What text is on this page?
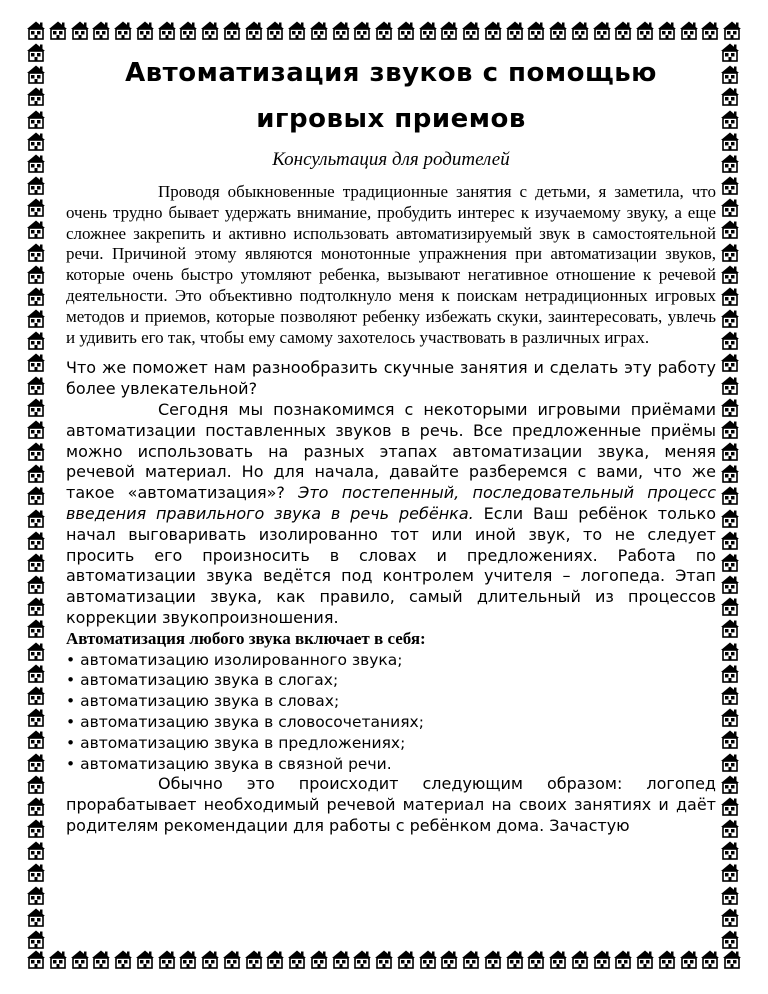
Автоматизация звуков с помощью
игровых приемов
Консультация для родителей

Проводя обыкновенные традиционные занятия с детьми, я заметила, что очень трудно бывает удержать внимание, пробудить интерес к изучаемому звуку, а еще сложнее закрепить и активно использовать автоматизируемый звук в самостоятельной речи. Причиной этому являются монотонные упражнения при автоматизации звуков, которые очень быстро утомляют ребенка, вызывают негативное отношение к речевой деятельности. Это объективно подтолкнуло меня к поискам нетрадиционных игровых методов и приемов, которые позволяют ребенку избежать скуки, заинтересовать, увлечь и удивить его так, чтобы ему самому захотелось участвовать в различных играх.

Что же поможет нам разнообразить скучные занятия и сделать эту работу более увлекательной?

Сегодня мы познакомимся с некоторыми игровыми приёмами автоматизации поставленных звуков в речь. Все предложенные приёмы можно использовать на разных этапах автоматизации звука, меняя речевой материал. Но для начала, давайте разберемся с вами, что же такое «автоматизация»? Это постепенный, последовательный процесс введения правильного звука в речь ребёнка. Если Ваш ребёнок только начал выговаривать изолированно тот или иной звук, то не следует просить его произносить в словах и предложениях. Работа по автоматизации звука ведётся под контролем учителя – логопеда. Этап автоматизации звука, как правило, самый длительный из процессов коррекции звукопроизношения.

Автоматизация любого звука включает в себя:
• автоматизацию изолированного звука;
• автоматизацию звука в слогах;
• автоматизацию звука в словах;
• автоматизацию звука в словосочетаниях;
• автоматизацию звука в предложениях;
• автоматизацию звука в связной речи.

Обычно это происходит следующим образом: логопед прорабатывает необходимый речевой материал на своих занятиях и даёт родителям рекомендации для работы с ребёнком дома. Зачастую
